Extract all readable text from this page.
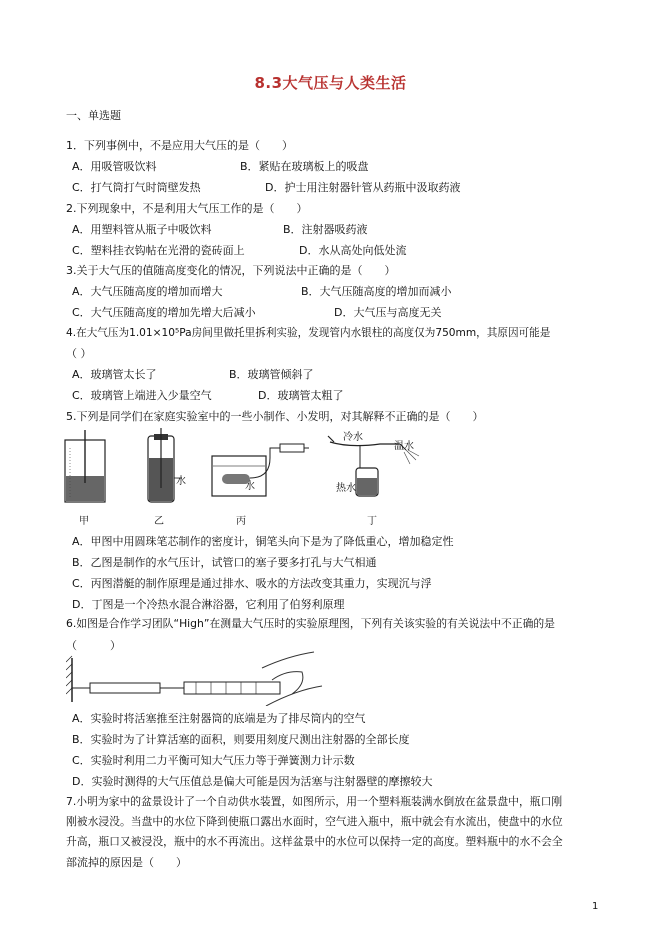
8.3大气压与人类生活
一、单选题
1．下列事例中，不是应用大气压的是（　　）
A．用吸管吸饮料	B．紧贴在玻璃板上的吸盘
C．打气筒打气时筒壁发热	D．护士用注射器针管从药瓶中汲取药液
2.下列现象中，不是利用大气压工作的是（　　）
A．用塑料管从瓶子中吸饮料	B．注射器吸药液
C．塑料挂衣钩帖在光滑的瓷砖面上	D．水从高处向低处流
3.关于大气压的值随高度变化的情况，下列说法中正确的是（　　）
A．大气压随高度的增加而增大	B．大气压随高度的增加而减小
C．大气压随高度的增加先增大后减小	D．大气压与高度无关
4.在大气压为1.01×10⁵Pa房间里做托里拆利实验，发现管内水银柱的高度仅为750mm，其原因可能是
（ ）
A．玻璃管太长了	B．玻璃管倾斜了
C．玻璃管上端进入少量空气	D．玻璃管太粗了
5.下列是同学们在家庭实验室中的一些小制作、小发明，对其解释不正确的是（　　）
甲
水
乙
水
丙
冷水
温水
热水
丁
A．甲图中用圆珠笔芯制作的密度计，铜笔头向下是为了降低重心，增加稳定性
B．乙图是制作的水气压计，试管口的塞子要多打孔与大气相通
C．丙图潜艇的制作原理是通过排水、吸水的方法改变其重力，实现沉与浮
D．丁图是一个冷热水混合淋浴器，它利用了伯努利原理
6.如图是合作学习团队“High”在测量大气压时的实验原理图，下列有关该实验的有关说法中不正确的是
（　　　）
A．实验时将活塞推至注射器筒的底端是为了排尽筒内的空气
B．实验时为了计算活塞的面积，则要用刻度尺测出注射器的全部长度
C．实验时利用二力平衡可知大气压力等于弹簧测力计示数
D．实验时测得的大气压值总是偏大可能是因为活塞与注射器壁的摩擦较大
7.小明为家中的盆景设计了一个自动供水装置，如图所示，用一个塑料瓶装满水倒放在盆景盘中，瓶口刚
刚被水浸没。当盘中的水位下降到使瓶口露出水面时，空气进入瓶中，瓶中就会有水流出，使盘中的水位
升高，瓶口又被浸没，瓶中的水不再流出。这样盆景中的水位可以保持一定的高度。塑料瓶中的水不会全
部流掉的原因是（　　）
1
